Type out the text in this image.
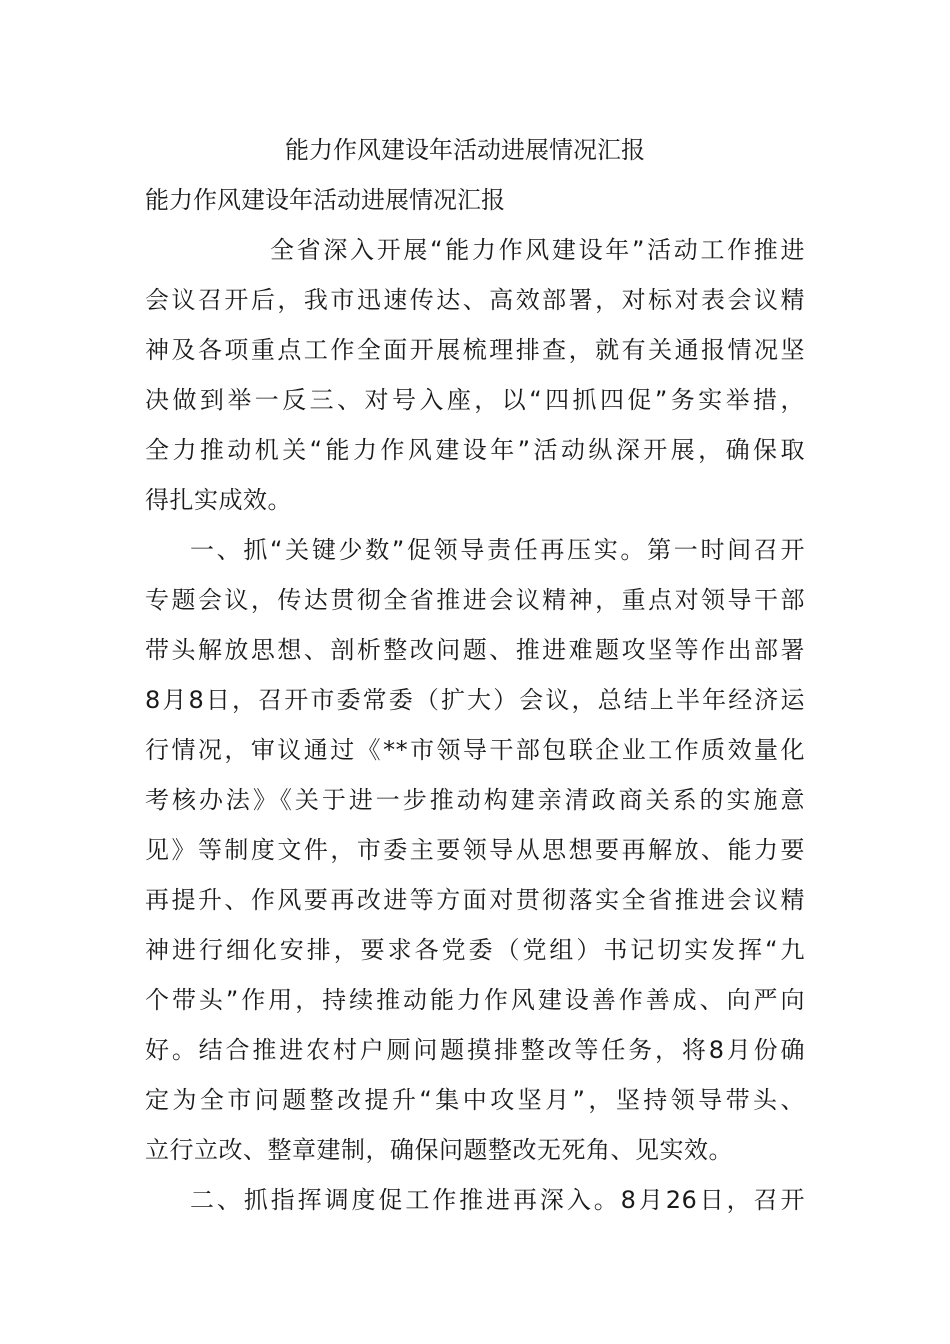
能力作风建设年活动进展情况汇报
能力作风建设年活动进展情况汇报
全省深入开展“能力作风建设年”活动工作推进
会议召开后，我市迅速传达、高效部署，对标对表会议精
神及各项重点工作全面开展梳理排查，就有关通报情况坚
决做到举一反三、对号入座，以“四抓四促”务实举措，
全力推动机关“能力作风建设年”活动纵深开展，确保取
得扎实成效。
一、抓“关键少数”促领导责任再压实。第一时间召开
专题会议，传达贯彻全省推进会议精神，重点对领导干部
带头解放思想、剖析整改问题、推进难题攻坚等作出部署
8月8日，召开市委常委（扩大）会议，总结上半年经济运
行情况，审议通过《**市领导干部包联企业工作质效量化
考核办法》《关于进一步推动构建亲清政商关系的实施意
见》等制度文件，市委主要领导从思想要再解放、能力要
再提升、作风要再改进等方面对贯彻落实全省推进会议精
神进行细化安排，要求各党委（党组）书记切实发挥“九
个带头”作用，持续推动能力作风建设善作善成、向严向
好。结合推进农村户厕问题摸排整改等任务，将8月份确
定为全市问题整改提升“集中攻坚月”，坚持领导带头、
立行立改、整章建制，确保问题整改无死角、见实效。
二、抓指挥调度促工作推进再深入。8月26日，召开
